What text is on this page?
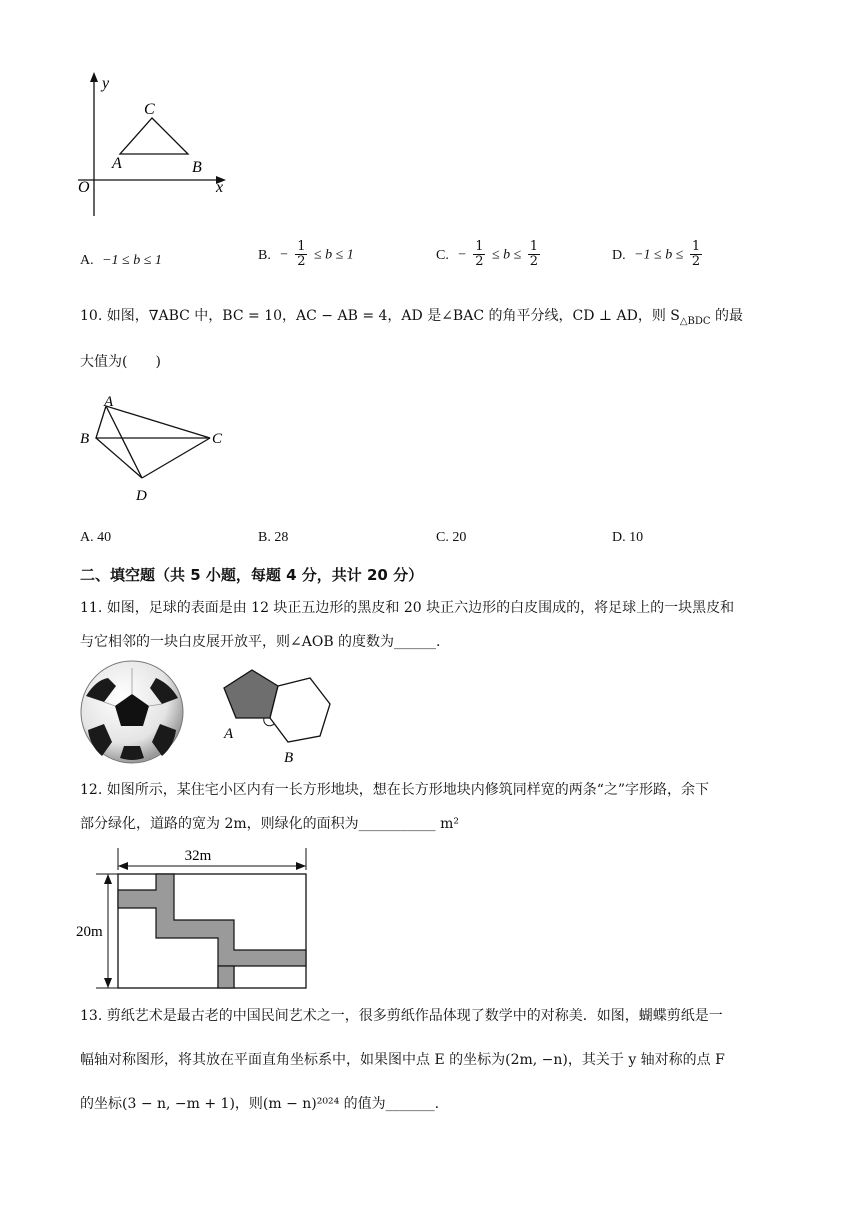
y
x
O
A	B
C
A. −1 ≤ b ≤ 1	B. − $\frac{1}{2} \le b \le 1$	C. − $\frac{1}{2} \le b \le \frac{1}{2}$	D. $-1 \le b \le \frac{1}{2}$
10. 如图，∇ABC 中，BC = 10，AC − AB = 4，AD 是∠BAC 的角平分线，CD ⊥ AD，则 $S_{\triangle BDC}$ 的最
大值为(　　)
A
B	C
D
A. 40	B. 28	C. 20	D. 10
二、填空题（共 5 小题，每题 4 分，共计 20 分）
11. 如图，足球的表面是由 12 块正五边形的黑皮和 20 块正六边形的白皮围成的，将足球上的一块黑皮和
与它相邻的一块白皮展开放平，则∠AOB 的度数为______.
A
B
12. 如图所示，某住宅小区内有一长方形地块，想在长方形地块内修筑同样宽的两条“之”字形路，余下
部分绿化，道路的宽为 2m，则绿化的面积为___________ m²
32m
20m
13. 剪纸艺术是最古老的中国民间艺术之一，很多剪纸作品体现了数学中的对称美．如图，蝴蝶剪纸是一
幅轴对称图形，将其放在平面直角坐标系中，如果图中点 E 的坐标为(2m, −n)，其关于 y 轴对称的点 F
的坐标(3 − n, −m + 1)，则(m − n)²⁰²⁴ 的值为_______.
